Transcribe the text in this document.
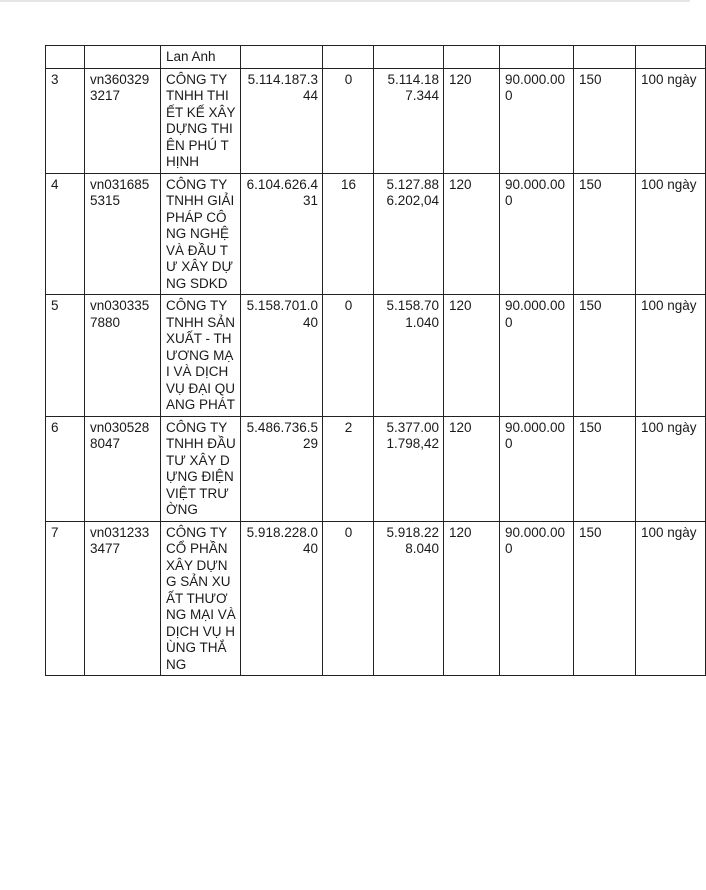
		Lan Anh							
3	vn3603293217	CÔNG TY TNHH THIẾT KẾ XÂY DỰNG THIÊN PHÚ THỊNH	5.114.187.344	0	5.114.187.344	120	90.000.000	150	100 ngày
4	vn0316855315	CÔNG TY TNHH GIẢI PHÁP CÔNG NGHỆ VÀ ĐẦU TƯ XÂY DỰNG SDKD	6.104.626.431	16	5.127.886.202,04	120	90.000.000	150	100 ngày
5	vn0303357880	CÔNG TY TNHH SẢN XUẤT - THƯƠNG MẠI VÀ DỊCH VỤ ĐẠI QUANG PHÁT	5.158.701.040	0	5.158.701.040	120	90.000.000	150	100 ngày
6	vn0305288047	CÔNG TY TNHH ĐẦU TƯ XÂY DỰNG ĐIỆN VIỆT TRƯỜNG	5.486.736.529	2	5.377.001.798,42	120	90.000.000	150	100 ngày
7	vn0312333477	CÔNG TY CỔ PHẦN XÂY DỰNG SẢN XUẤT THƯƠNG MẠI VÀ DỊCH VỤ HÙNG THẮNG	5.918.228.040	0	5.918.228.040	120	90.000.000	150	100 ngày
